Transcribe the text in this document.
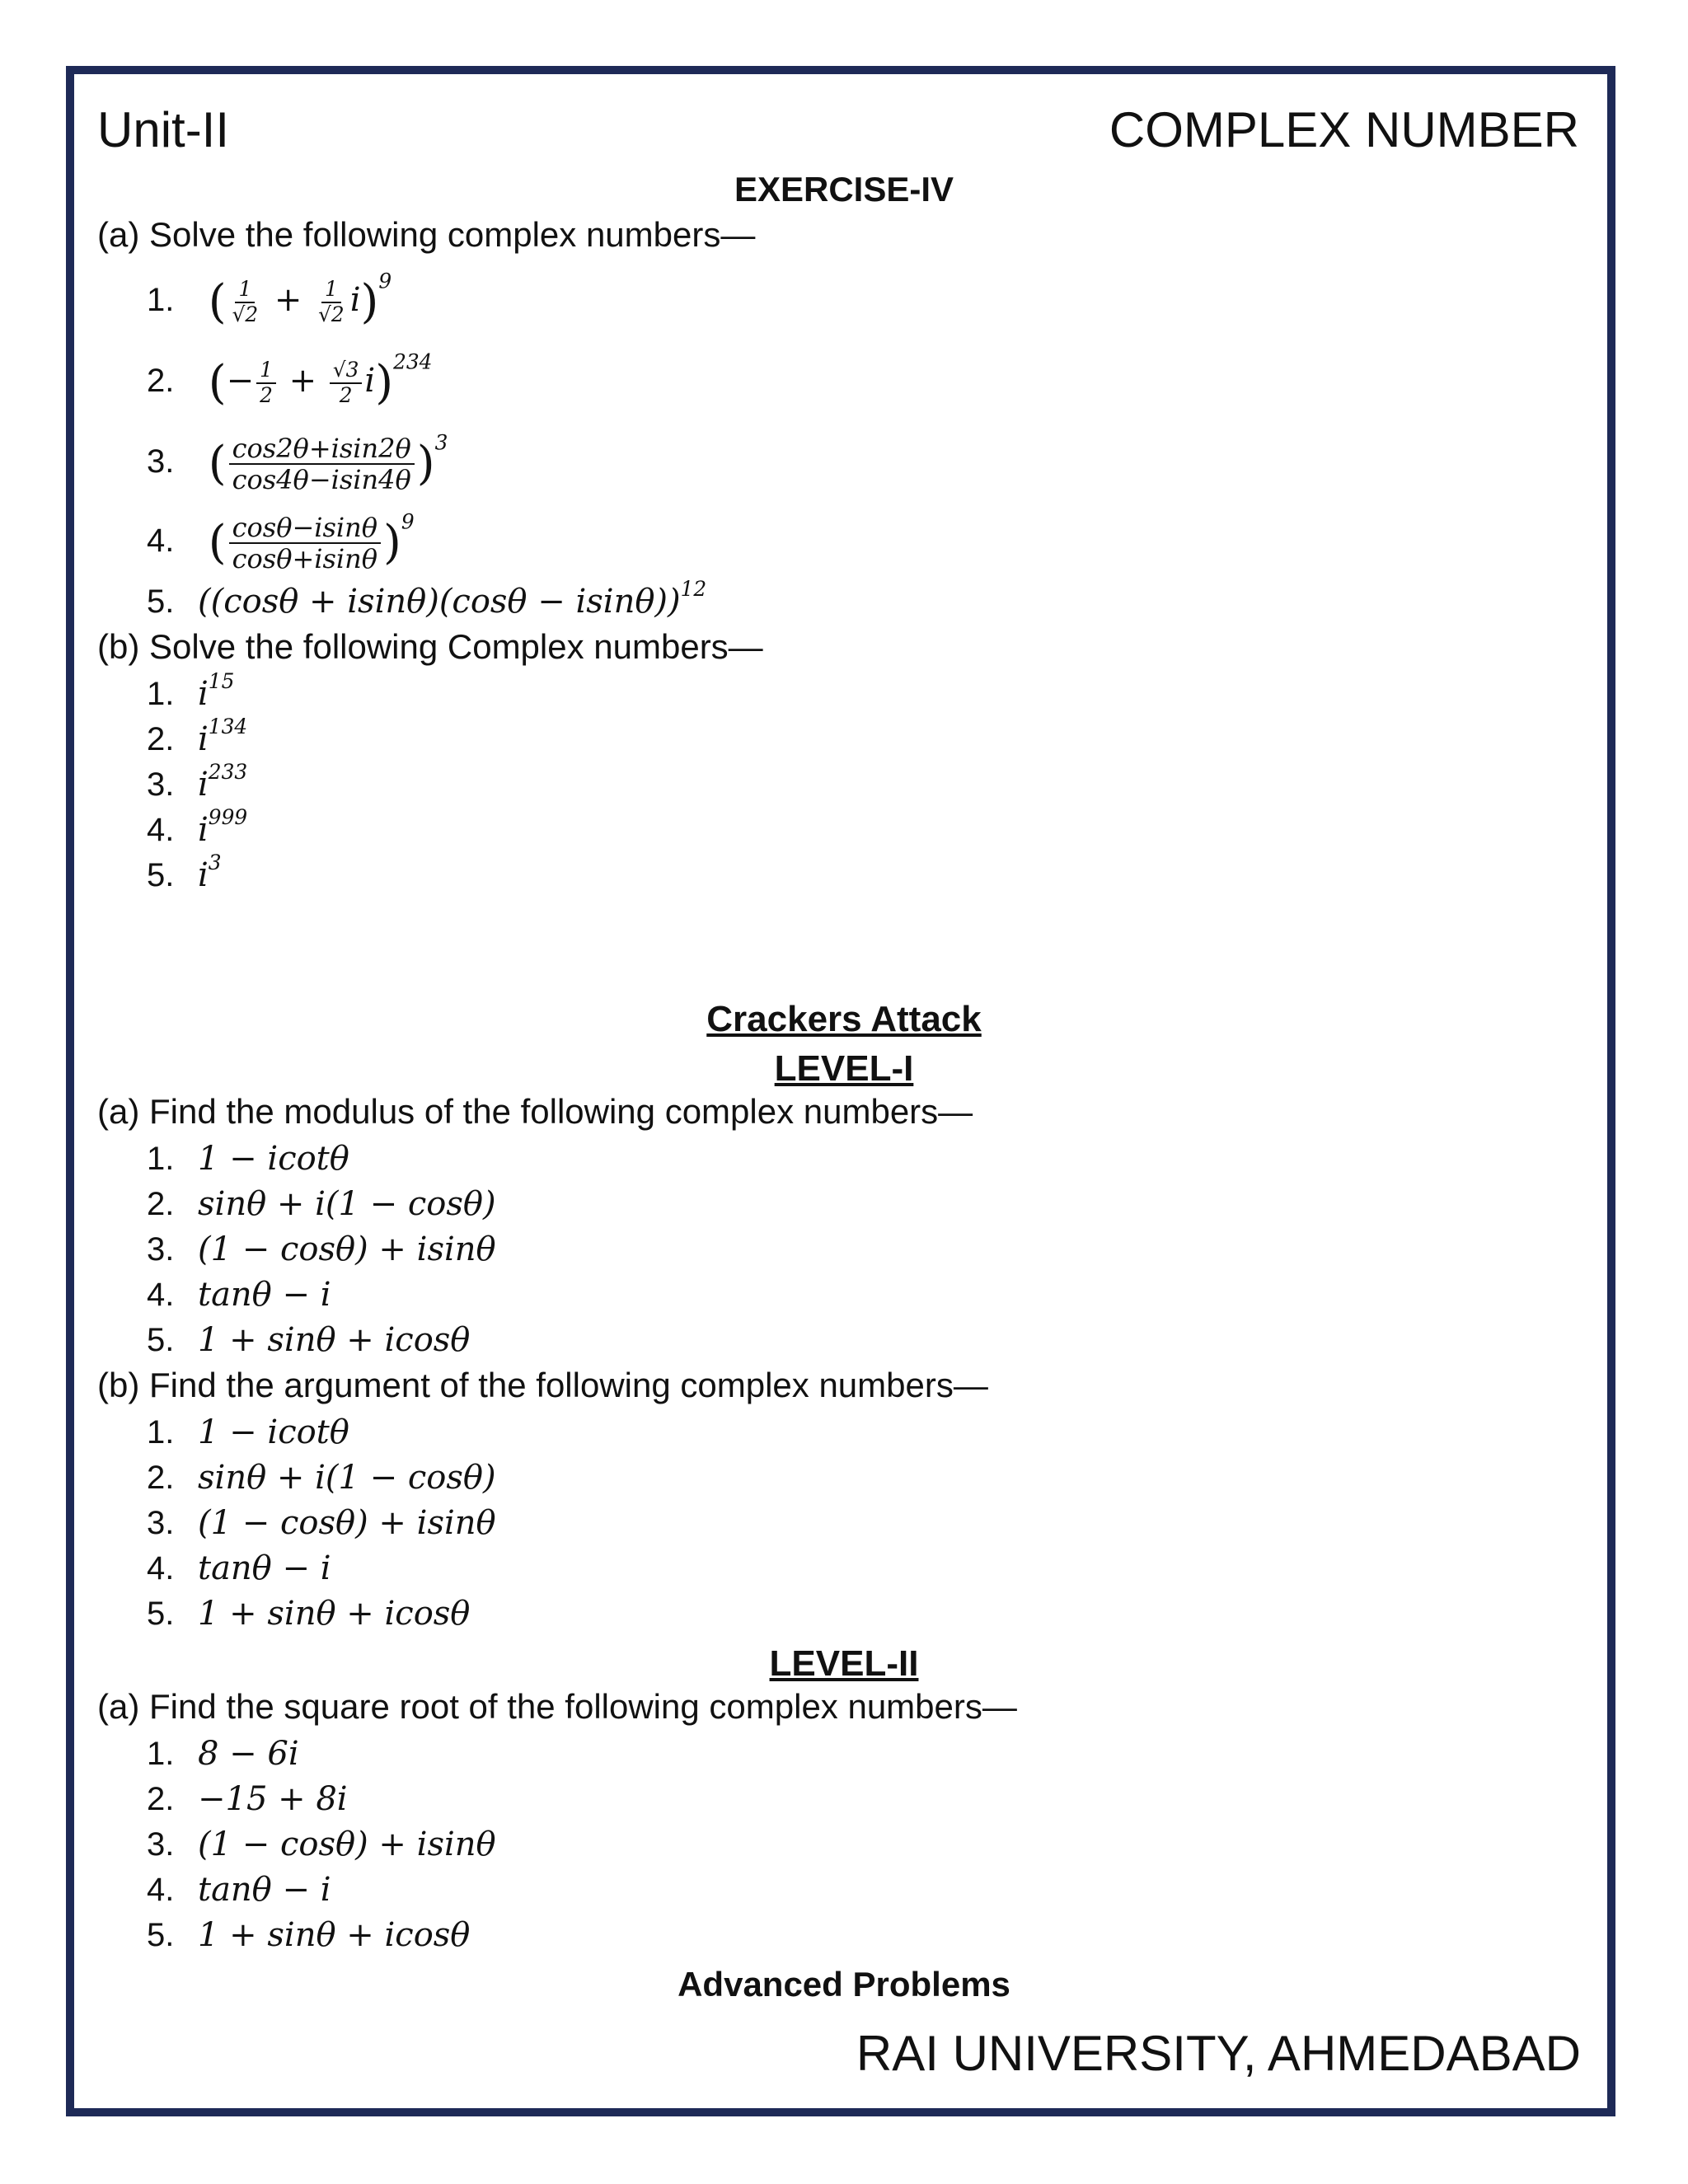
Unit-II	COMPLEX NUMBER
EXERCISE-IV
(a) Solve the following complex numbers—
1. ( $\frac{1}{√2} + \frac{1}{√2} i)^9$
2. (− $\frac{1}{2} + \frac{√3}{2} i)^{234}$
3. ( $\frac{\cos 2\theta+isin2\theta}{\cos 4\theta-isin4\theta} )^3$
4. ( $\frac{\cos\theta-isin\theta}{\cos\theta+isin\theta} )^9$
5. $((\cos\theta + isin\theta)(\cos\theta - isin\theta))^{12}$
(b) Solve the following Complex numbers—
1. $i^{15}$
2. $i^{134}$
3. $i^{233}$
4. $i^{999}$
5. $i^3$
Crackers Attack
LEVEL-I
(a) Find the modulus of the following complex numbers—
1. 1 − icotθ
2. sinθ + i(1 − cosθ)
3. (1 − cosθ) + isinθ
4. tanθ − i
5. 1 + sinθ + icosθ
(b) Find the argument of the following complex numbers—
1. 1 − icotθ
2. sinθ + i(1 − cosθ)
3. (1 − cosθ) + isinθ
4. tanθ − i
5. 1 + sinθ + icosθ
LEVEL-II
(a) Find the square root of the following complex numbers—
1. 8 − 6i
2. −15 + 8i
3. (1 − cosθ) + isinθ
4. tanθ − i
5. 1 + sinθ + icosθ
Advanced Problems
RAI UNIVERSITY, AHMEDABAD
